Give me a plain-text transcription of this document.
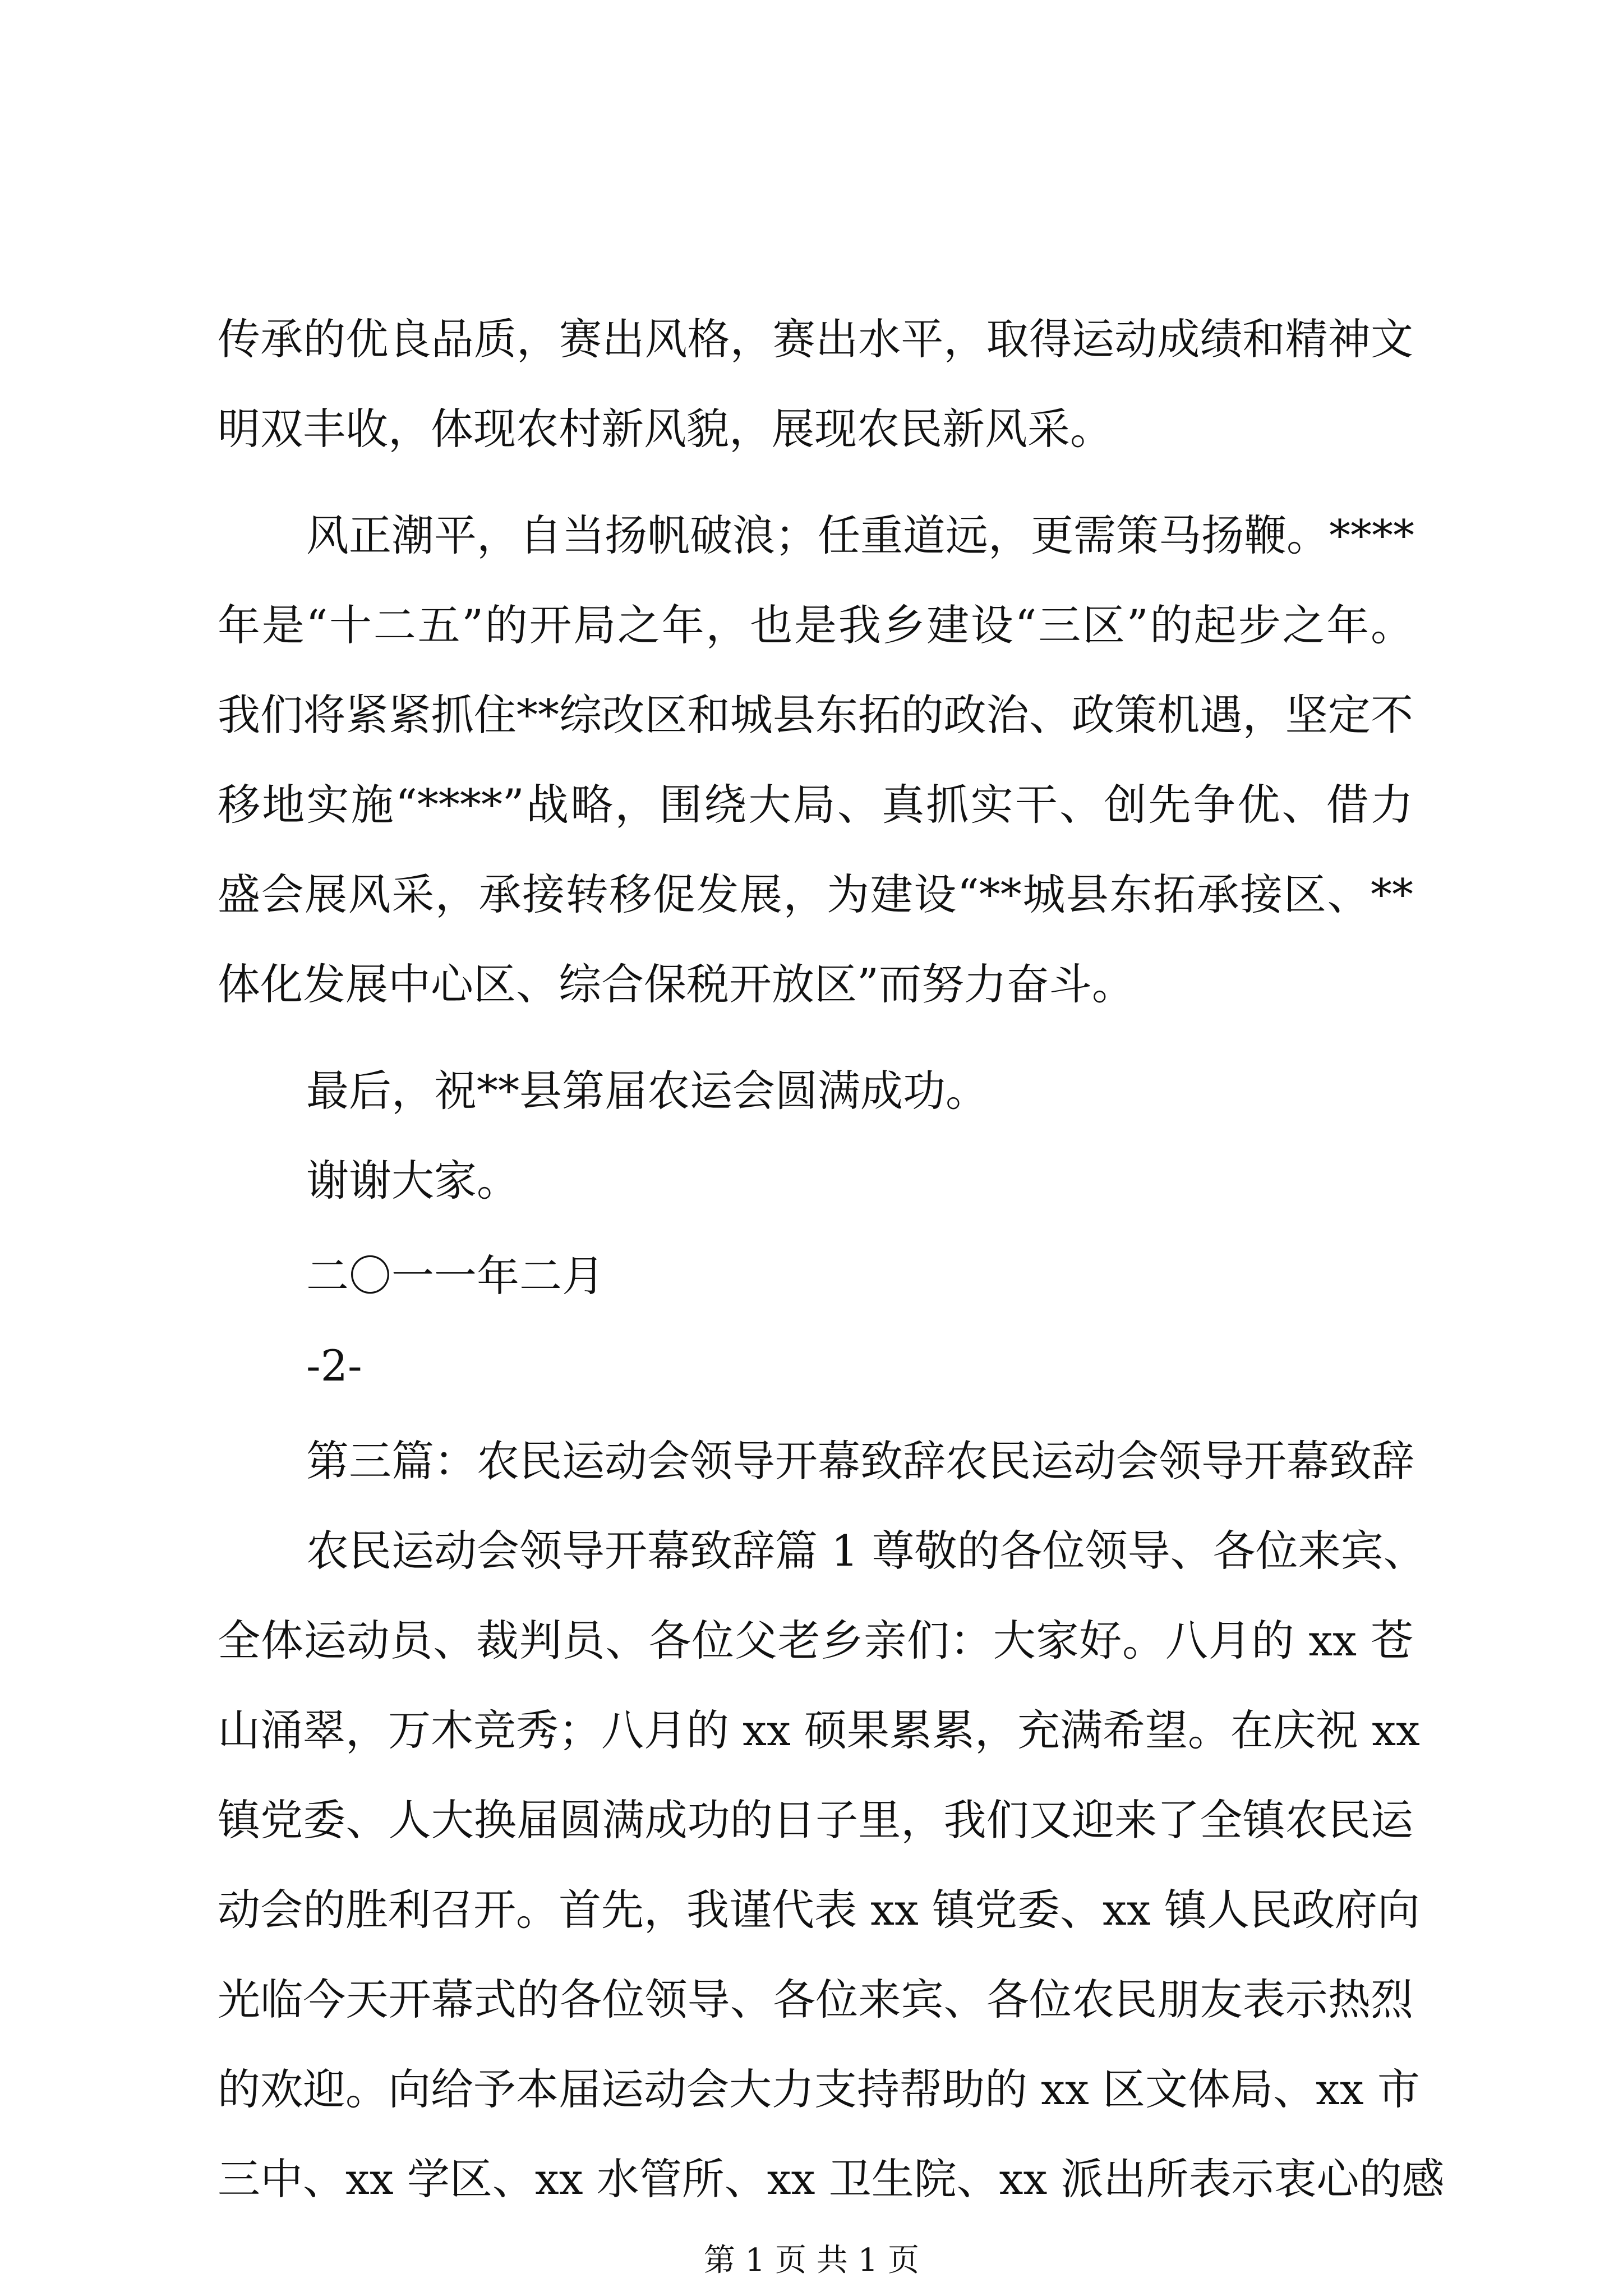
传承的优良品质，赛出风格，赛出水平，取得运动成绩和精神文
明双丰收，体现农村新风貌，展现农民新风采。
风正潮平，自当扬帆破浪；任重道远，更需策马扬鞭。****
年是“十二五”的开局之年，也是我乡建设“三区”的起步之年。
我们将紧紧抓住**综改区和城县东拓的政治、政策机遇，坚定不
移地实施“****”战略，围绕大局、真抓实干、创先争优、借力
盛会展风采，承接转移促发展，为建设“**城县东拓承接区、**
体化发展中心区、综合保税开放区”而努力奋斗。
最后，祝**县第届农运会圆满成功。
谢谢大家。
二〇一一年二月
-2-
第三篇：农民运动会领导开幕致辞农民运动会领导开幕致辞
农民运动会领导开幕致辞篇 1 尊敬的各位领导、各位来宾、
全体运动员、裁判员、各位父老乡亲们：大家好。八月的 xx 苍
山涌翠，万木竞秀；八月的 xx 硕果累累，充满希望。在庆祝 xx
镇党委、人大换届圆满成功的日子里，我们又迎来了全镇农民运
动会的胜利召开。首先，我谨代表 xx 镇党委、xx 镇人民政府向
光临今天开幕式的各位领导、各位来宾、各位农民朋友表示热烈
的欢迎。向给予本届运动会大力支持帮助的 xx 区文体局、xx 市
三中、xx 学区、xx 水管所、xx 卫生院、xx 派出所表示衷心的感
第 1 页 共 1 页
